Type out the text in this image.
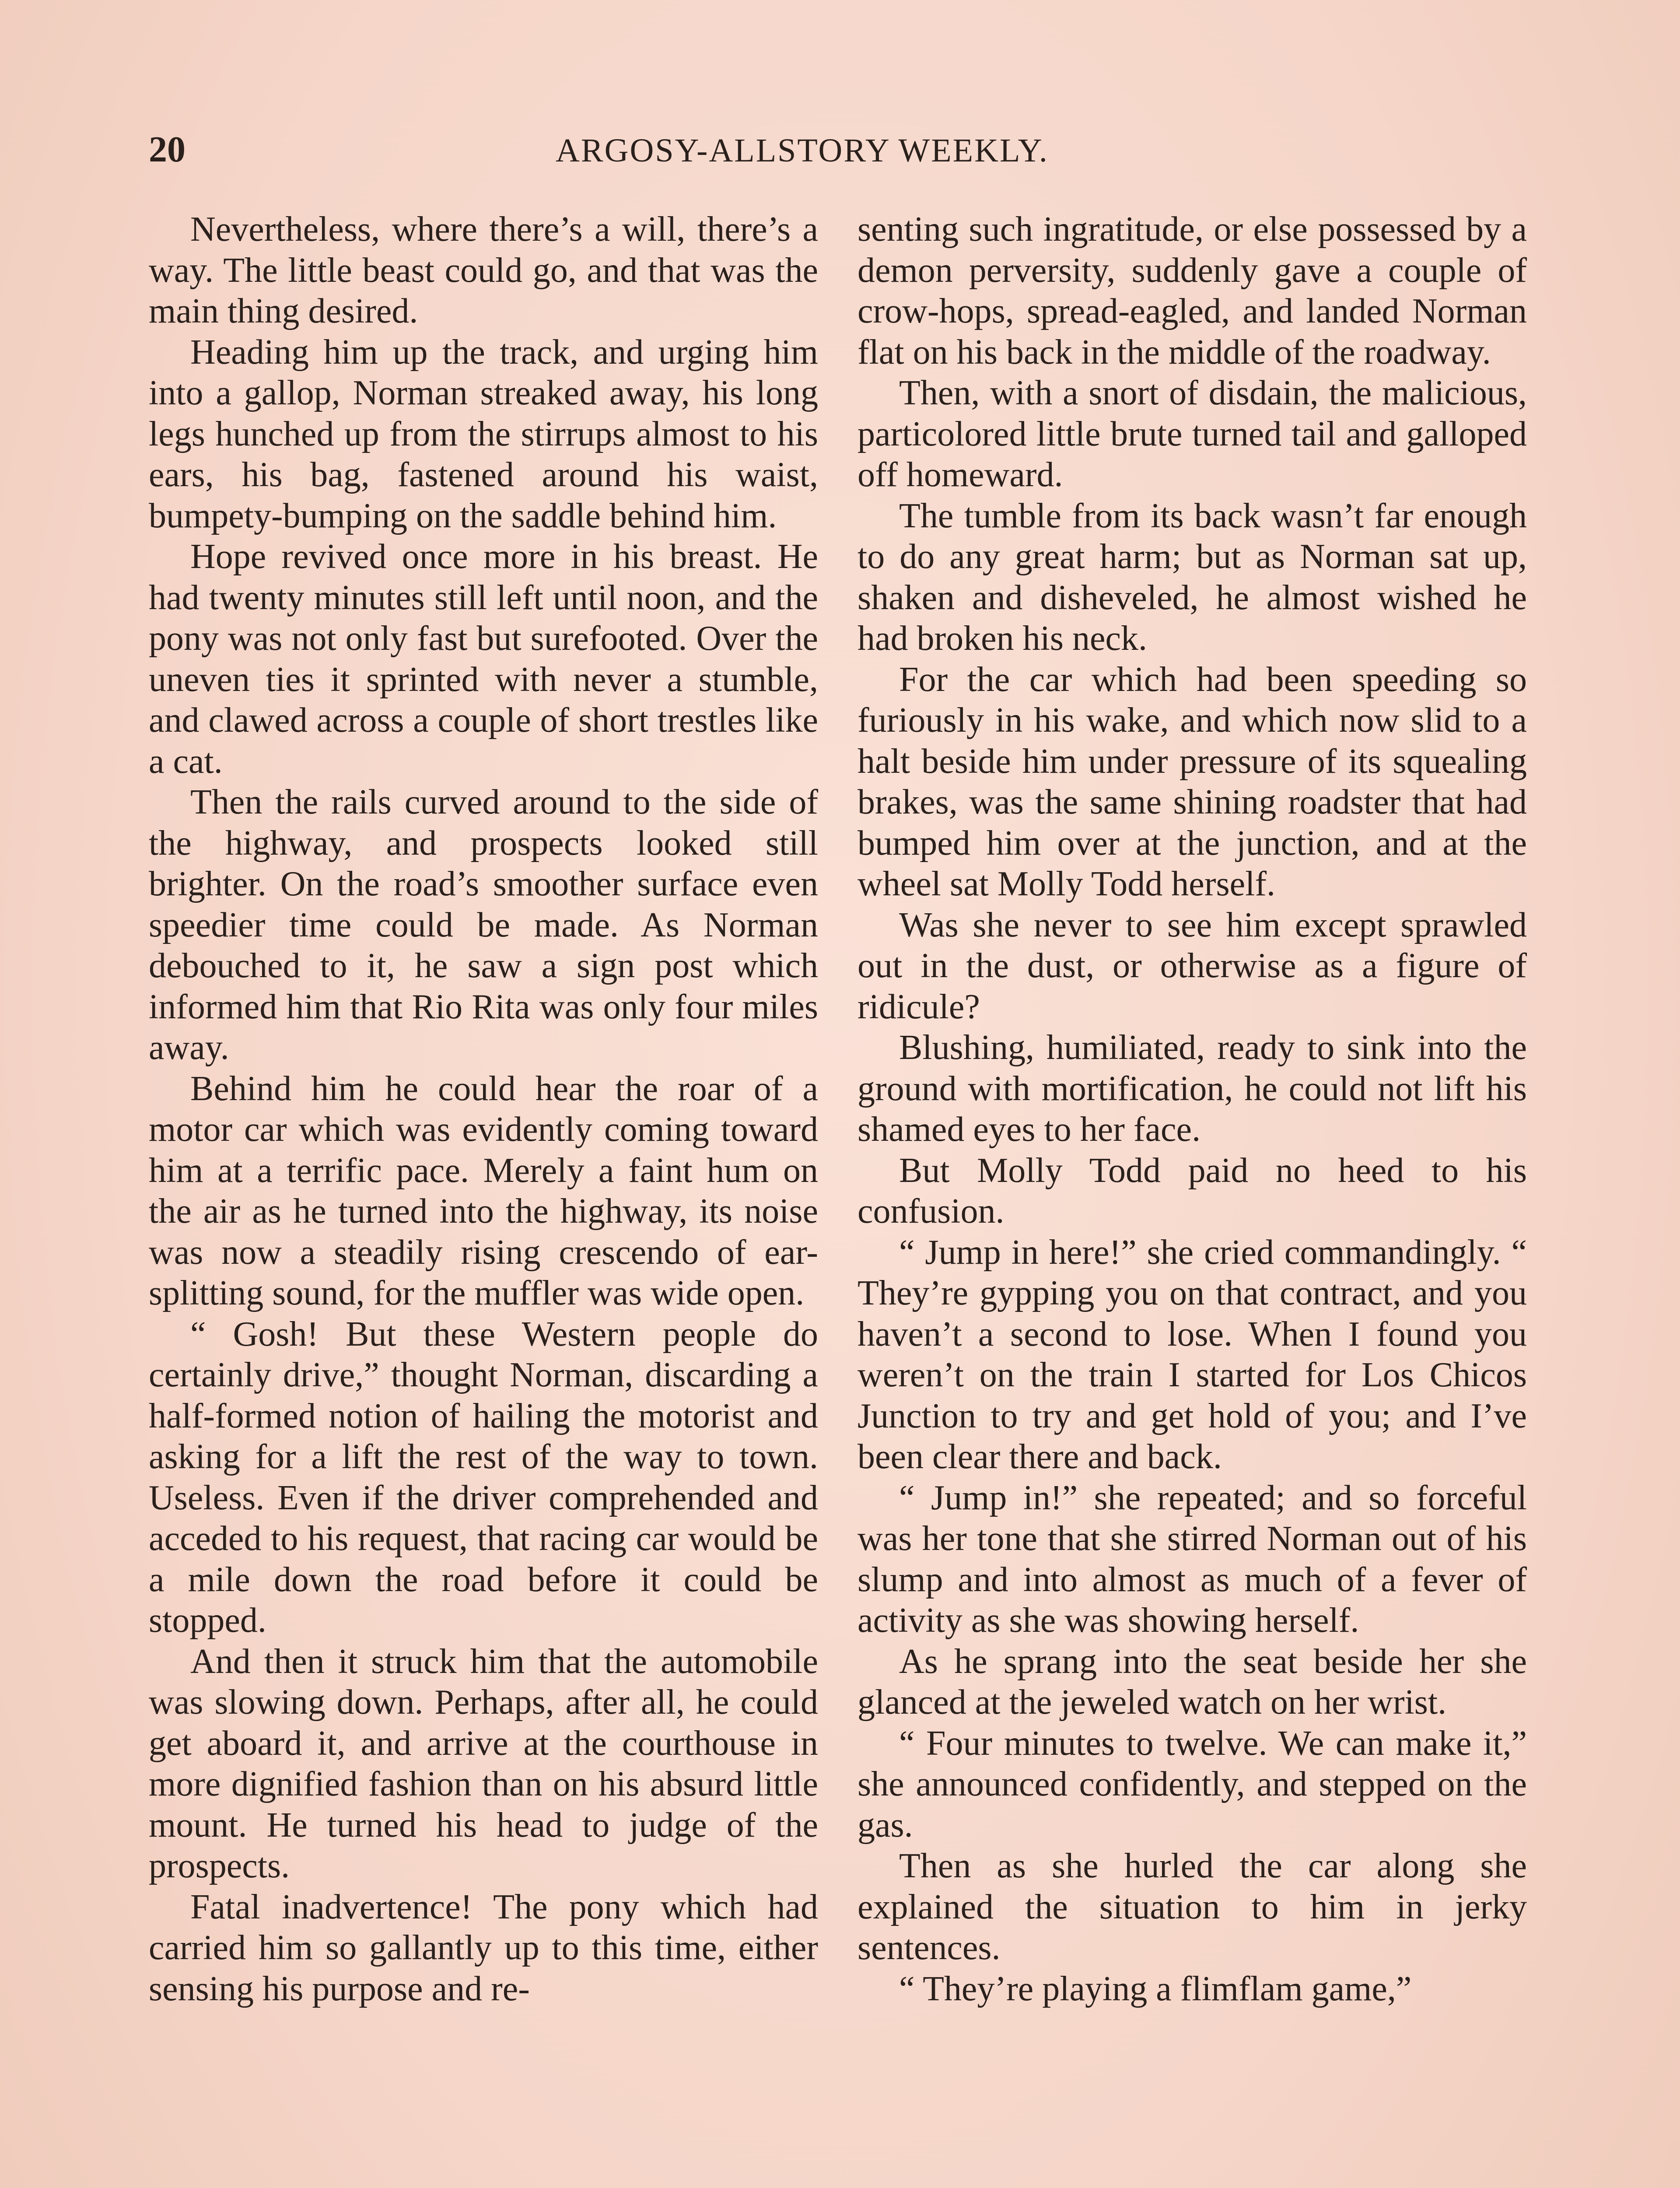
20	ARGOSY-ALLSTORY WEEKLY.

Nevertheless, where there’s a will, there’s a way. The little beast could go, and that was the main thing desired.

Heading him up the track, and urging him into a gallop, Norman streaked away, his long legs hunched up from the stirrups almost to his ears, his bag, fastened around his waist, bumpety-bumping on the saddle behind him.

Hope revived once more in his breast. He had twenty minutes still left until noon, and the pony was not only fast but surefooted. Over the uneven ties it sprinted with never a stumble, and clawed across a couple of short trestles like a cat.

Then the rails curved around to the side of the highway, and prospects looked still brighter. On the road’s smoother surface even speedier time could be made. As Norman debouched to it, he saw a sign post which informed him that Rio Rita was only four miles away.

Behind him he could hear the roar of a motor car which was evidently coming toward him at a terrific pace. Merely a faint hum on the air as he turned into the highway, its noise was now a steadily rising crescendo of ear-splitting sound, for the muffler was wide open.

“ Gosh! But these Western people do certainly drive,” thought Norman, discarding a half-formed notion of hailing the motorist and asking for a lift the rest of the way to town. Useless. Even if the driver comprehended and acceded to his request, that racing car would be a mile down the road before it could be stopped.

And then it struck him that the automobile was slowing down. Perhaps, after all, he could get aboard it, and arrive at the courthouse in more dignified fashion than on his absurd little mount. He turned his head to judge of the prospects.

Fatal inadvertence! The pony which had carried him so gallantly up to this time, either sensing his purpose and re-

senting such ingratitude, or else possessed by a demon perversity, suddenly gave a couple of crow-hops, spread-eagled, and landed Norman flat on his back in the middle of the roadway.

Then, with a snort of disdain, the malicious, particolored little brute turned tail and galloped off homeward.

The tumble from its back wasn’t far enough to do any great harm; but as Norman sat up, shaken and disheveled, he almost wished he had broken his neck.

For the car which had been speeding so furiously in his wake, and which now slid to a halt beside him under pressure of its squealing brakes, was the same shining roadster that had bumped him over at the junction, and at the wheel sat Molly Todd herself.

Was she never to see him except sprawled out in the dust, or otherwise as a figure of ridicule?

Blushing, humiliated, ready to sink into the ground with mortification, he could not lift his shamed eyes to her face.

But Molly Todd paid no heed to his confusion.

“ Jump in here!” she cried commandingly. “ They’re gypping you on that contract, and you haven’t a second to lose. When I found you weren’t on the train I started for Los Chicos Junction to try and get hold of you; and I’ve been clear there and back.

“ Jump in!” she repeated; and so forceful was her tone that she stirred Norman out of his slump and into almost as much of a fever of activity as she was showing herself.

As he sprang into the seat beside her she glanced at the jeweled watch on her wrist.

“ Four minutes to twelve. We can make it,” she announced confidently, and stepped on the gas.

Then as she hurled the car along she explained the situation to him in jerky sentences.

“ They’re playing a flimflam game,”
